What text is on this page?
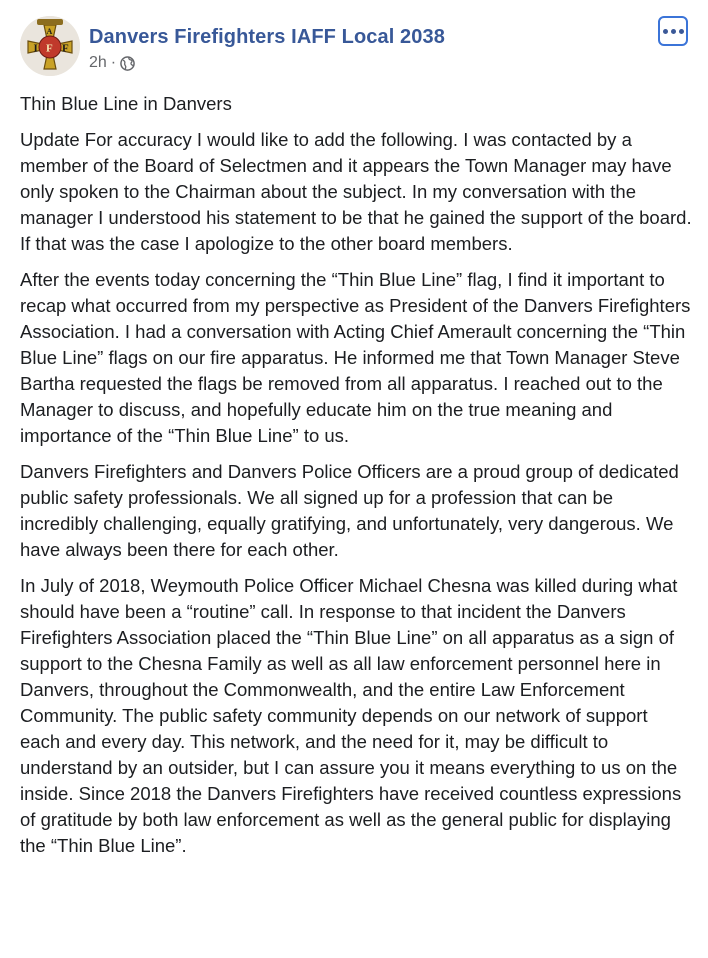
I F
F
A Danvers Firefighters IAFF Local 2038
2h ·

Thin Blue Line in Danvers

Update For accuracy I would like to add the following. I was contacted by a member of the Board of Selectmen and it appears the Town Manager may have only spoken to the Chairman about the subject. In my conversation with the manager I understood his statement to be that he gained the support of the board. If that was the case I apologize to the other board members.

After the events today concerning the “Thin Blue Line” flag, I find it important to recap what occurred from my perspective as President of the Danvers Firefighters Association. I had a conversation with Acting Chief Amerault concerning the “Thin Blue Line” flags on our fire apparatus. He informed me that Town Manager Steve Bartha requested the flags be removed from all apparatus. I reached out to the Manager to discuss, and hopefully educate him on the true meaning and importance of the “Thin Blue Line” to us.

Danvers Firefighters and Danvers Police Officers are a proud group of dedicated public safety professionals. We all signed up for a profession that can be incredibly challenging, equally gratifying, and unfortunately, very dangerous. We have always been there for each other.

In July of 2018, Weymouth Police Officer Michael Chesna was killed during what should have been a “routine” call. In response to that incident the Danvers Firefighters Association placed the “Thin Blue Line” on all apparatus as a sign of support to the Chesna Family as well as all law enforcement personnel here in Danvers, throughout the Commonwealth, and the entire Law Enforcement Community. The public safety community depends on our network of support each and every day. This network, and the need for it, may be difficult to understand by an outsider, but I can assure you it means everything to us on the inside. Since 2018 the Danvers Firefighters have received countless expressions of gratitude by both law enforcement as well as the general public for displaying the “Thin Blue Line”.
